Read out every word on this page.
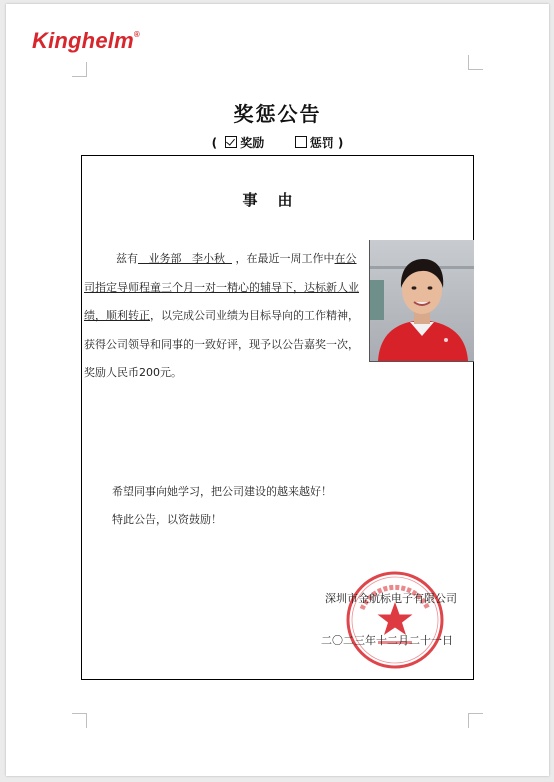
Kinghelm®
奖惩公告
( 奖励	惩罚 )
事由

兹有 业务部 李小秋 ，在最近一周工作中在公司指定导师程童三个月一对一精心的辅导下，达标新人业绩，顺利转正，以完成公司业绩为目标导向的工作精神，获得公司领导和同事的一致好评，现予以公告嘉奖一次，奖励人民币200元。

希望同事向她学习，把公司建设的越来越好！

特此公告，以资鼓励！

深圳市金航标电子有限公司
二〇二三年十二月二十一日
